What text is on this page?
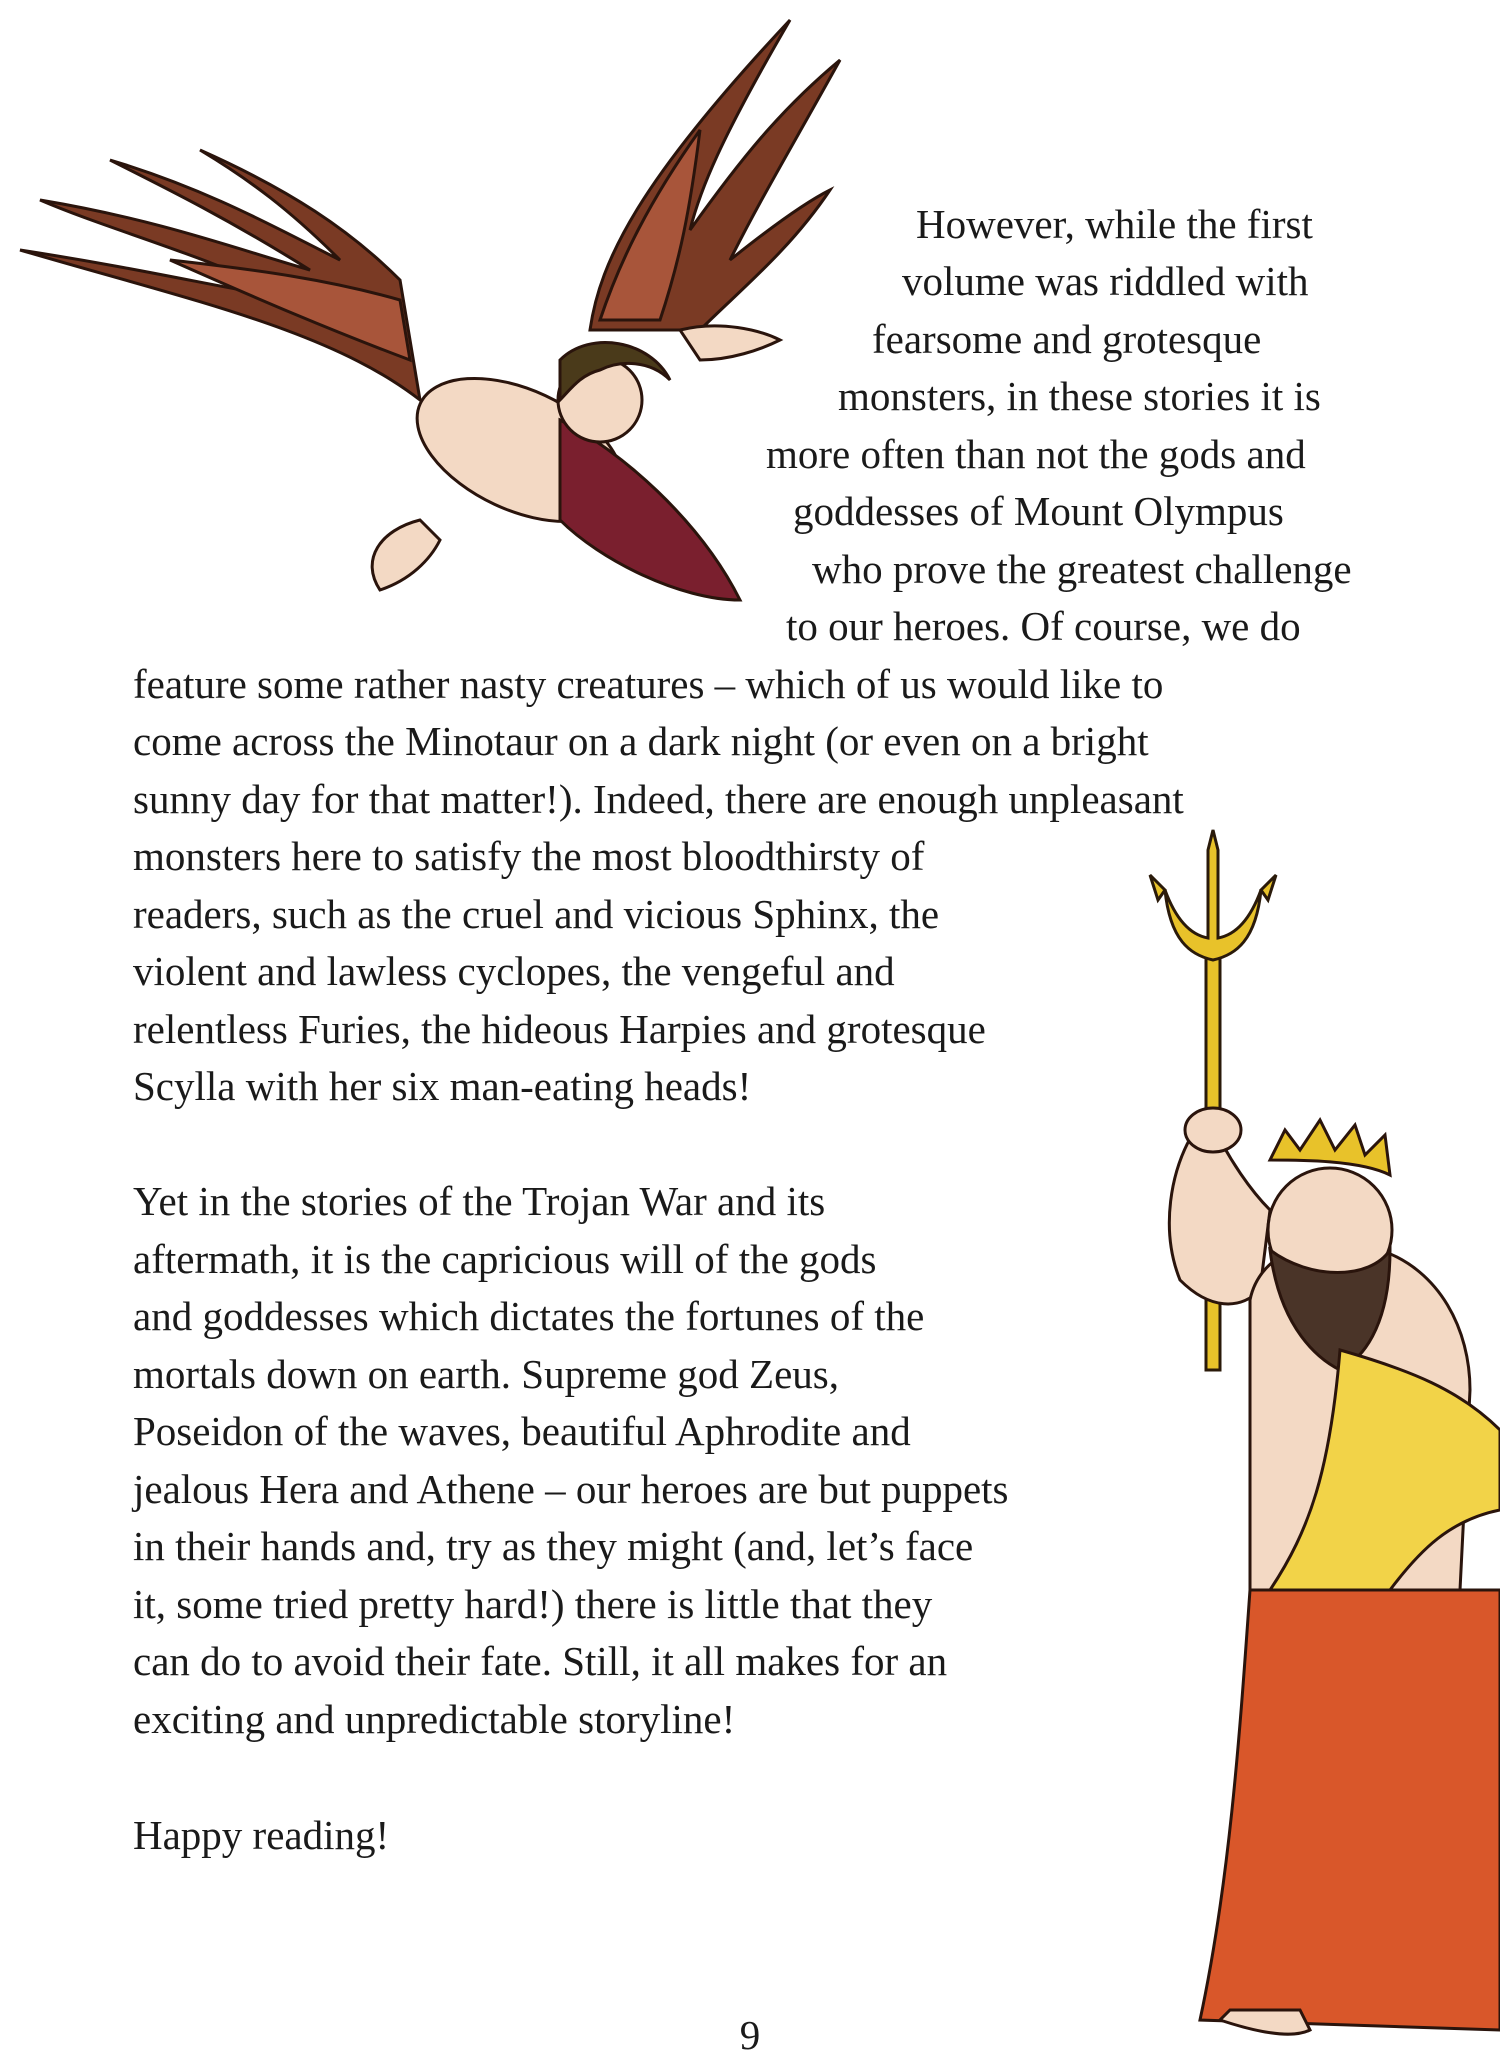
However, while the first

volume was riddled with

fearsome and grotesque

monsters, in these stories it is

more often than not the gods and

goddesses of Mount Olympus

who prove the greatest challenge

to our heroes. Of course, we do

feature some rather nasty creatures – which of us would like to

come across the Minotaur on a dark night (or even on a bright

sunny day for that matter!). Indeed, there are enough unpleasant

monsters here to satisfy the most bloodthirsty of

readers, such as the cruel and vicious Sphinx, the

violent and lawless cyclopes, the vengeful and

relentless Furies, the hideous Harpies and grotesque

Scylla with her six man-eating heads!

Yet in the stories of the Trojan War and its

aftermath, it is the capricious will of the gods

and goddesses which dictates the fortunes of the

mortals down on earth. Supreme god Zeus,

Poseidon of the waves, beautiful Aphrodite and

jealous Hera and Athene – our heroes are but puppets

in their hands and, try as they might (and, let’s face

it, some tried pretty hard!) there is little that they

can do to avoid their fate. Still, it all makes for an

exciting and unpredictable storyline!

Happy reading!

9
